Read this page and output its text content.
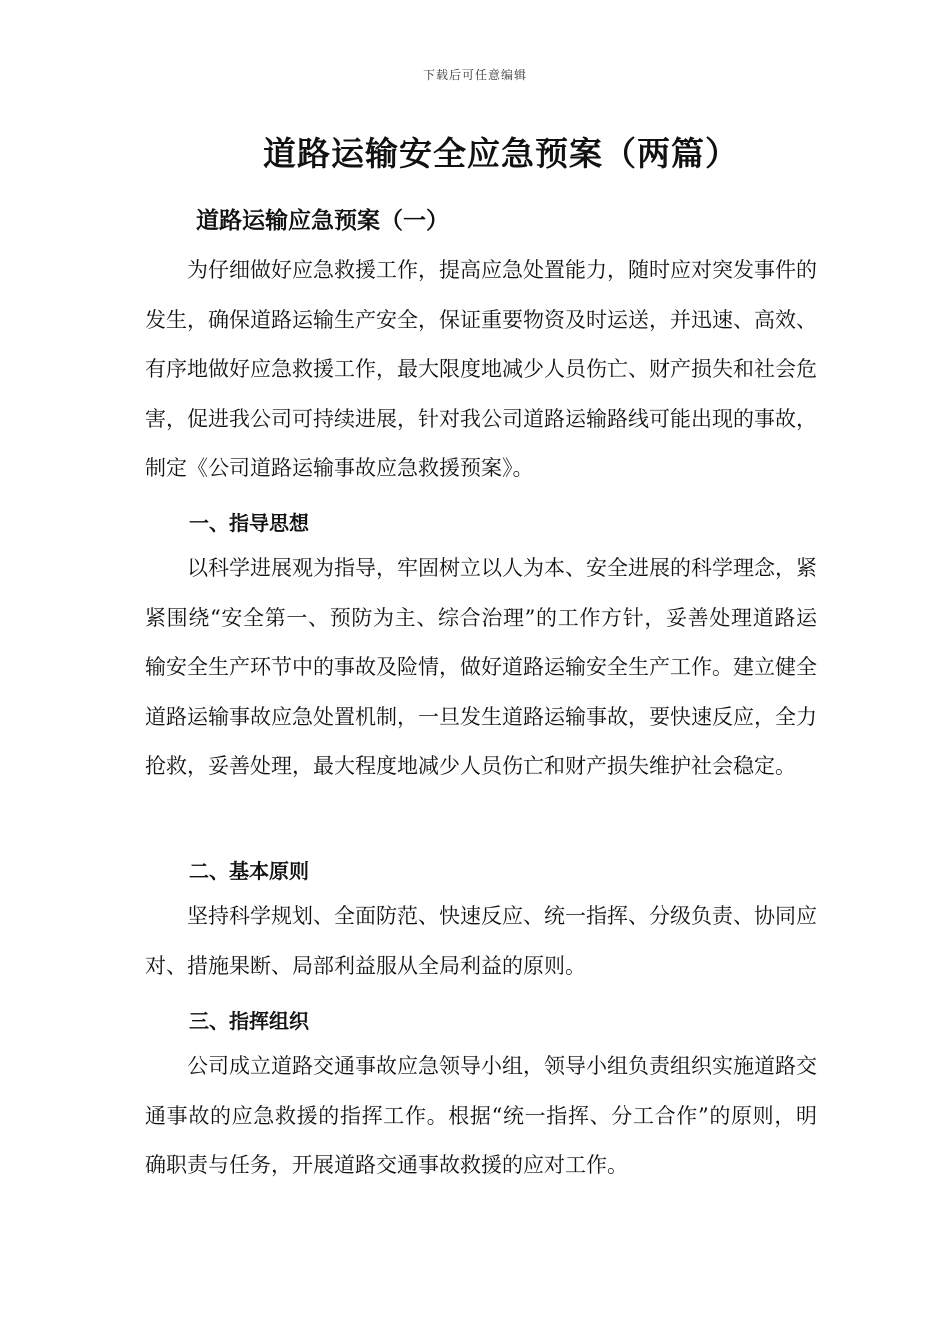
下载后可任意编辑
道路运输安全应急预案（两篇）
道路运输应急预案（一）

为仔细做好应急救援工作，提高应急处置能力，随时应对突发事件的发生，确保道路运输生产安全，保证重要物资及时运送，并迅速、高效、有序地做好应急救援工作，最大限度地减少人员伤亡、财产损失和社会危害，促进我公司可持续进展，针对我公司道路运输路线可能出现的事故，制定《公司道路运输事故应急救援预案》。

一、指导思想

以科学进展观为指导，牢固树立以人为本、安全进展的科学理念，紧紧围绕“安全第一、预防为主、综合治理”的工作方针，妥善处理道路运输安全生产环节中的事故及险情，做好道路运输安全生产工作。建立健全道路运输事故应急处置机制，一旦发生道路运输事故，要快速反应，全力抢救，妥善处理，最大程度地减少人员伤亡和财产损失维护社会稳定。

二、基本原则

坚持科学规划、全面防范、快速反应、统一指挥、分级负责、协同应对、措施果断、局部利益服从全局利益的原则。

三、指挥组织

公司成立道路交通事故应急领导小组，领导小组负责组织实施道路交通事故的应急救援的指挥工作。根据“统一指挥、分工合作”的原则，明确职责与任务，开展道路交通事故救援的应对工作。
